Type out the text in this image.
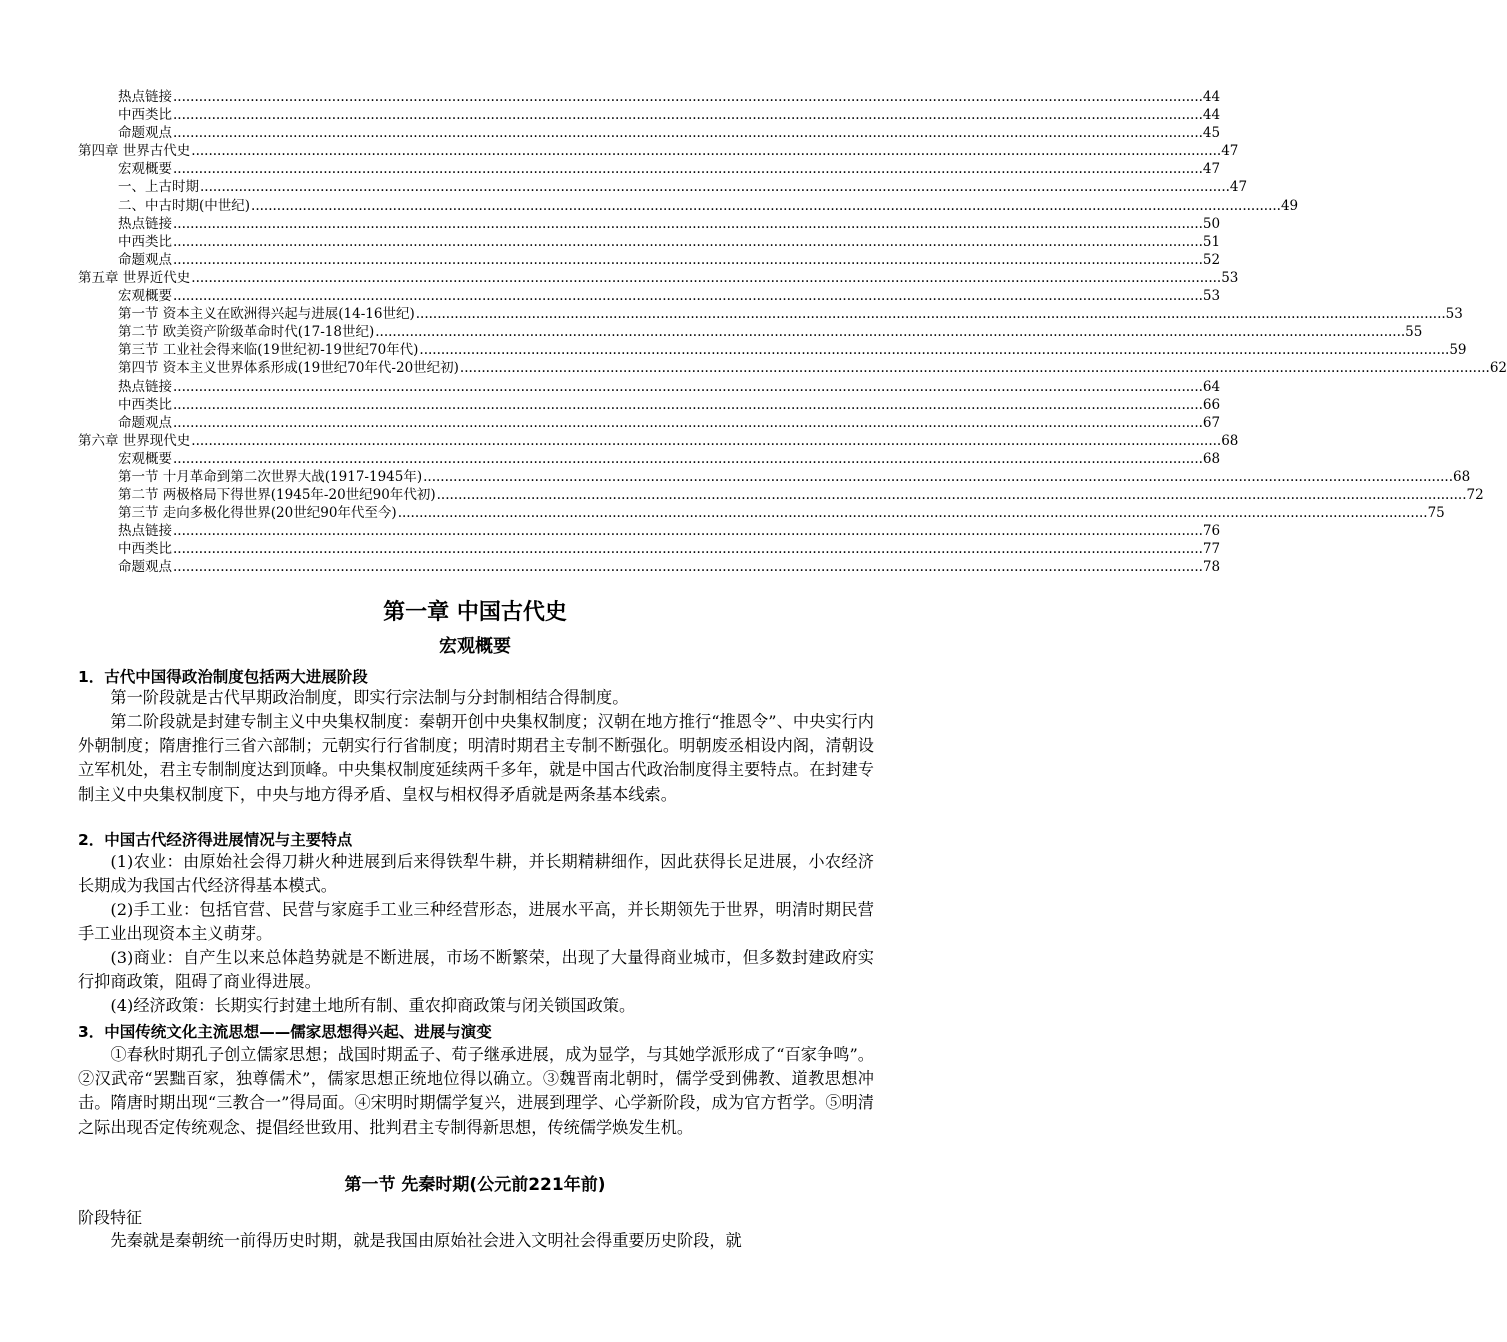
热点链接 .....	44
中西类比 .....	44
命题观点 .....	45
第四章 世界古代史 .....	47
宏观概要 .....	47
一、上古时期 .....	47
二、中古时期(中世纪) .....	49
热点链接 .....	50
中西类比 .....	51
命题观点 .....	52
第五章 世界近代史 .....	53
宏观概要 .....	53
第一节 资本主义在欧洲得兴起与进展(14-16世纪) .....	53
第二节 欧美资产阶级革命时代(17-18世纪) .....	55
第三节 工业社会得来临(19世纪初-19世纪70年代) .....	59
第四节 资本主义世界体系形成(19世纪70年代-20世纪初) .....	62
热点链接 .....	64
中西类比 .....	66
命题观点 .....	67
第六章 世界现代史 .....	68
宏观概要 .....	68
第一节 十月革命到第二次世界大战(1917-1945年) .....	68
第二节 两极格局下得世界(1945年-20世纪90年代初) .....	72
第三节 走向多极化得世界(20世纪90年代至今) .....	75
热点链接 .....	76
中西类比 .....	77
命题观点 .....	78
第一章 中国古代史
宏观概要
1．古代中国得政治制度包括两大进展阶段
第一阶段就是古代早期政治制度，即实行宗法制与分封制相结合得制度。
第二阶段就是封建专制主义中央集权制度：秦朝开创中央集权制度；汉朝在地方推行“推恩令”、中央实行内外朝制度；隋唐推行三省六部制；元朝实行行省制度；明清时期君主专制不断强化。明朝废丞相设内阁，清朝设立军机处，君主专制制度达到顶峰。中央集权制度延续两千多年，就是中国古代政治制度得主要特点。在封建专制主义中央集权制度下，中央与地方得矛盾、皇权与相权得矛盾就是两条基本线索。
2．中国古代经济得进展情况与主要特点
(1)农业：由原始社会得刀耕火种进展到后来得铁犁牛耕，并长期精耕细作，因此获得长足进展，小农经济长期成为我国古代经济得基本模式。
(2)手工业：包括官营、民营与家庭手工业三种经营形态，进展水平高，并长期领先于世界，明清时期民营手工业出现资本主义萌芽。
(3)商业：自产生以来总体趋势就是不断进展，市场不断繁荣，出现了大量得商业城市，但多数封建政府实行抑商政策，阻碍了商业得进展。
(4)经济政策：长期实行封建土地所有制、重农抑商政策与闭关锁国政策。
3．中国传统文化主流思想——儒家思想得兴起、进展与演变
①春秋时期孔子创立儒家思想；战国时期孟子、荀子继承进展，成为显学，与其她学派形成了“百家争鸣”。②汉武帝“罢黜百家，独尊儒术”，儒家思想正统地位得以确立。③魏晋南北朝时，儒学受到佛教、道教思想冲击。隋唐时期出现“三教合一”得局面。④宋明时期儒学复兴，进展到理学、心学新阶段，成为官方哲学。⑤明清之际出现否定传统观念、提倡经世致用、批判君主专制得新思想，传统儒学焕发生机。
第一节 先秦时期(公元前221年前)
阶段特征
先秦就是秦朝统一前得历史时期，就是我国由原始社会进入文明社会得重要历史阶段，就
